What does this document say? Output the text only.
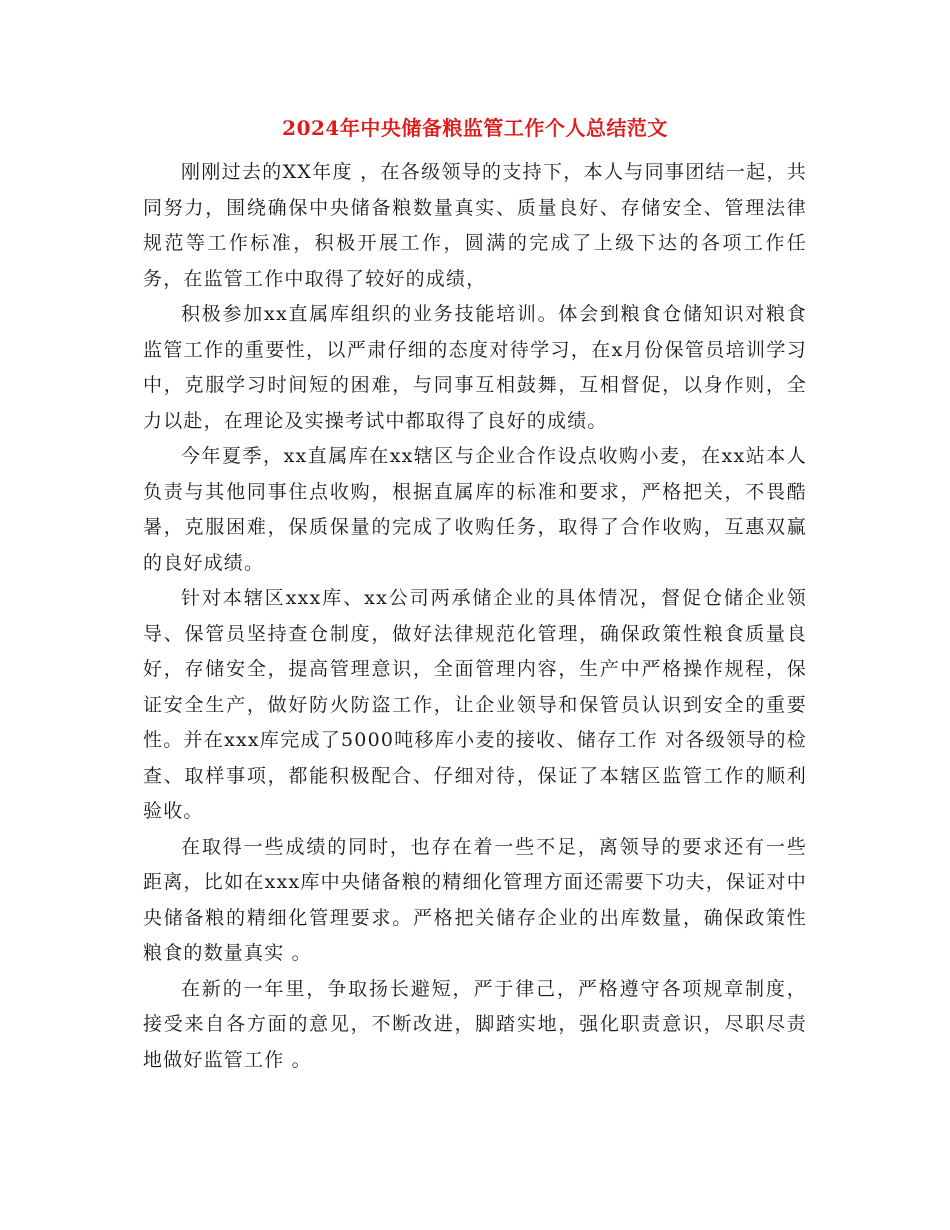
2024年中央储备粮监管工作个人总结范文

刚刚过去的XX年度 ，在各级领导的支持下，本人与同事团结一起，共同努力，围绕确保中央储备粮数量真实、质量良好、存储安全、管理法律规范等工作标准，积极开展工作，圆满的完成了上级下达的各项工作任务，在监管工作中取得了较好的成绩，

积极参加xx直属库组织的业务技能培训。体会到粮食仓储知识对粮食监管工作的重要性，以严肃仔细的态度对待学习，在x月份保管员培训学习中，克服学习时间短的困难，与同事互相鼓舞，互相督促，以身作则，全力以赴，在理论及实操考试中都取得了良好的成绩。

今年夏季，xx直属库在xx辖区与企业合作设点收购小麦，在xx站本人负责与其他同事住点收购，根据直属库的标准和要求，严格把关，不畏酷暑，克服困难，保质保量的完成了收购任务，取得了合作收购，互惠双赢的良好成绩。

针对本辖区xxx库、xx公司两承储企业的具体情况，督促仓储企业领导、保管员坚持查仓制度，做好法律规范化管理，确保政策性粮食质量良好，存储安全，提高管理意识，全面管理内容，生产中严格操作规程，保证安全生产，做好防火防盗工作，让企业领导和保管员认识到安全的重要性。并在xxx库完成了5000吨移库小麦的接收、储存工作 对各级领导的检查、取样事项，都能积极配合、仔细对待，保证了本辖区监管工作的顺利验收。

在取得一些成绩的同时，也存在着一些不足，离领导的要求还有一些距离，比如在xxx库中央储备粮的精细化管理方面还需要下功夫，保证对中央储备粮的精细化管理要求。严格把关储存企业的出库数量，确保政策性粮食的数量真实 。

在新的一年里，争取扬长避短，严于律己，严格遵守各项规章制度，接受来自各方面的意见，不断改进，脚踏实地，强化职责意识，尽职尽责地做好监管工作 。
